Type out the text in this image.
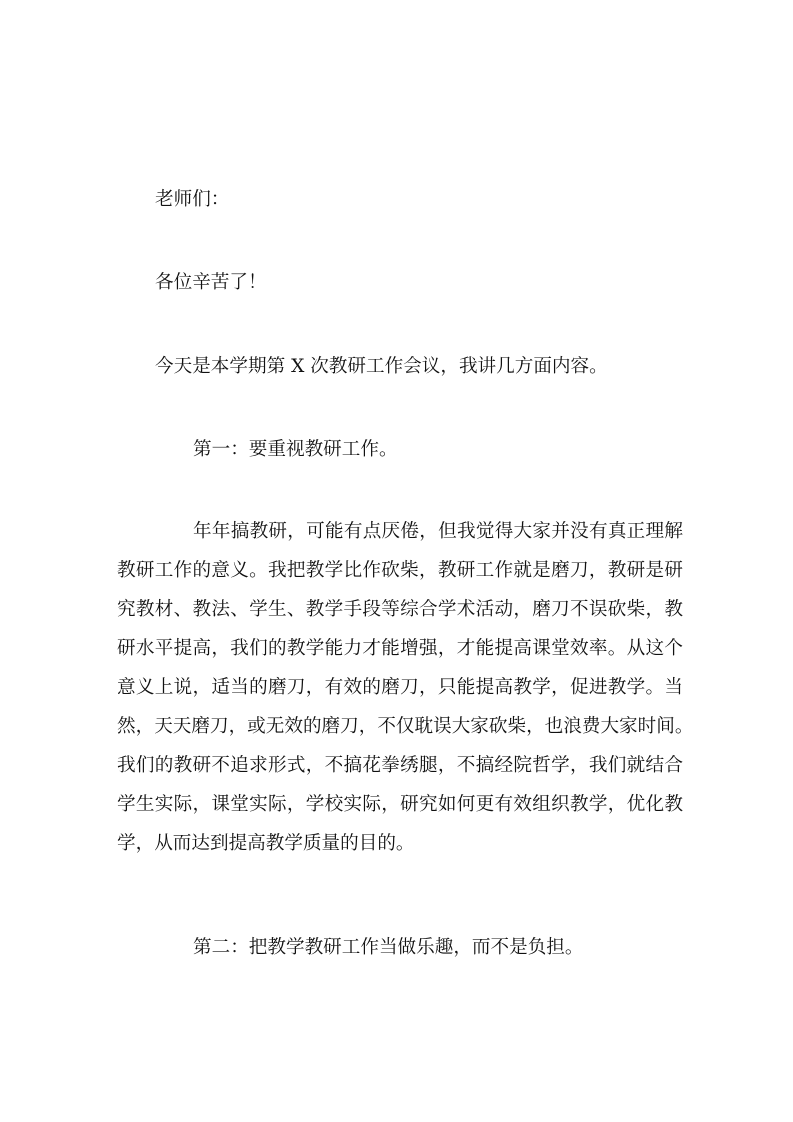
老师们：
各位辛苦了！
今天是本学期第 X 次教研工作会议，我讲几方面内容。
第一：要重视教研工作。
年年搞教研，可能有点厌倦，但我觉得大家并没有真正理解
教研工作的意义。我把教学比作砍柴，教研工作就是磨刀，教研是研
究教材、教法、学生、教学手段等综合学术活动，磨刀不误砍柴，教
研水平提高，我们的教学能力才能增强，才能提高课堂效率。从这个
意义上说，适当的磨刀，有效的磨刀，只能提高教学，促进教学。当
然，天天磨刀，或无效的磨刀，不仅耽误大家砍柴，也浪费大家时间。
我们的教研不追求形式，不搞花拳绣腿，不搞经院哲学，我们就结合
学生实际，课堂实际，学校实际，研究如何更有效组织教学，优化教
学，从而达到提高教学质量的目的。
第二：把教学教研工作当做乐趣，而不是负担。
